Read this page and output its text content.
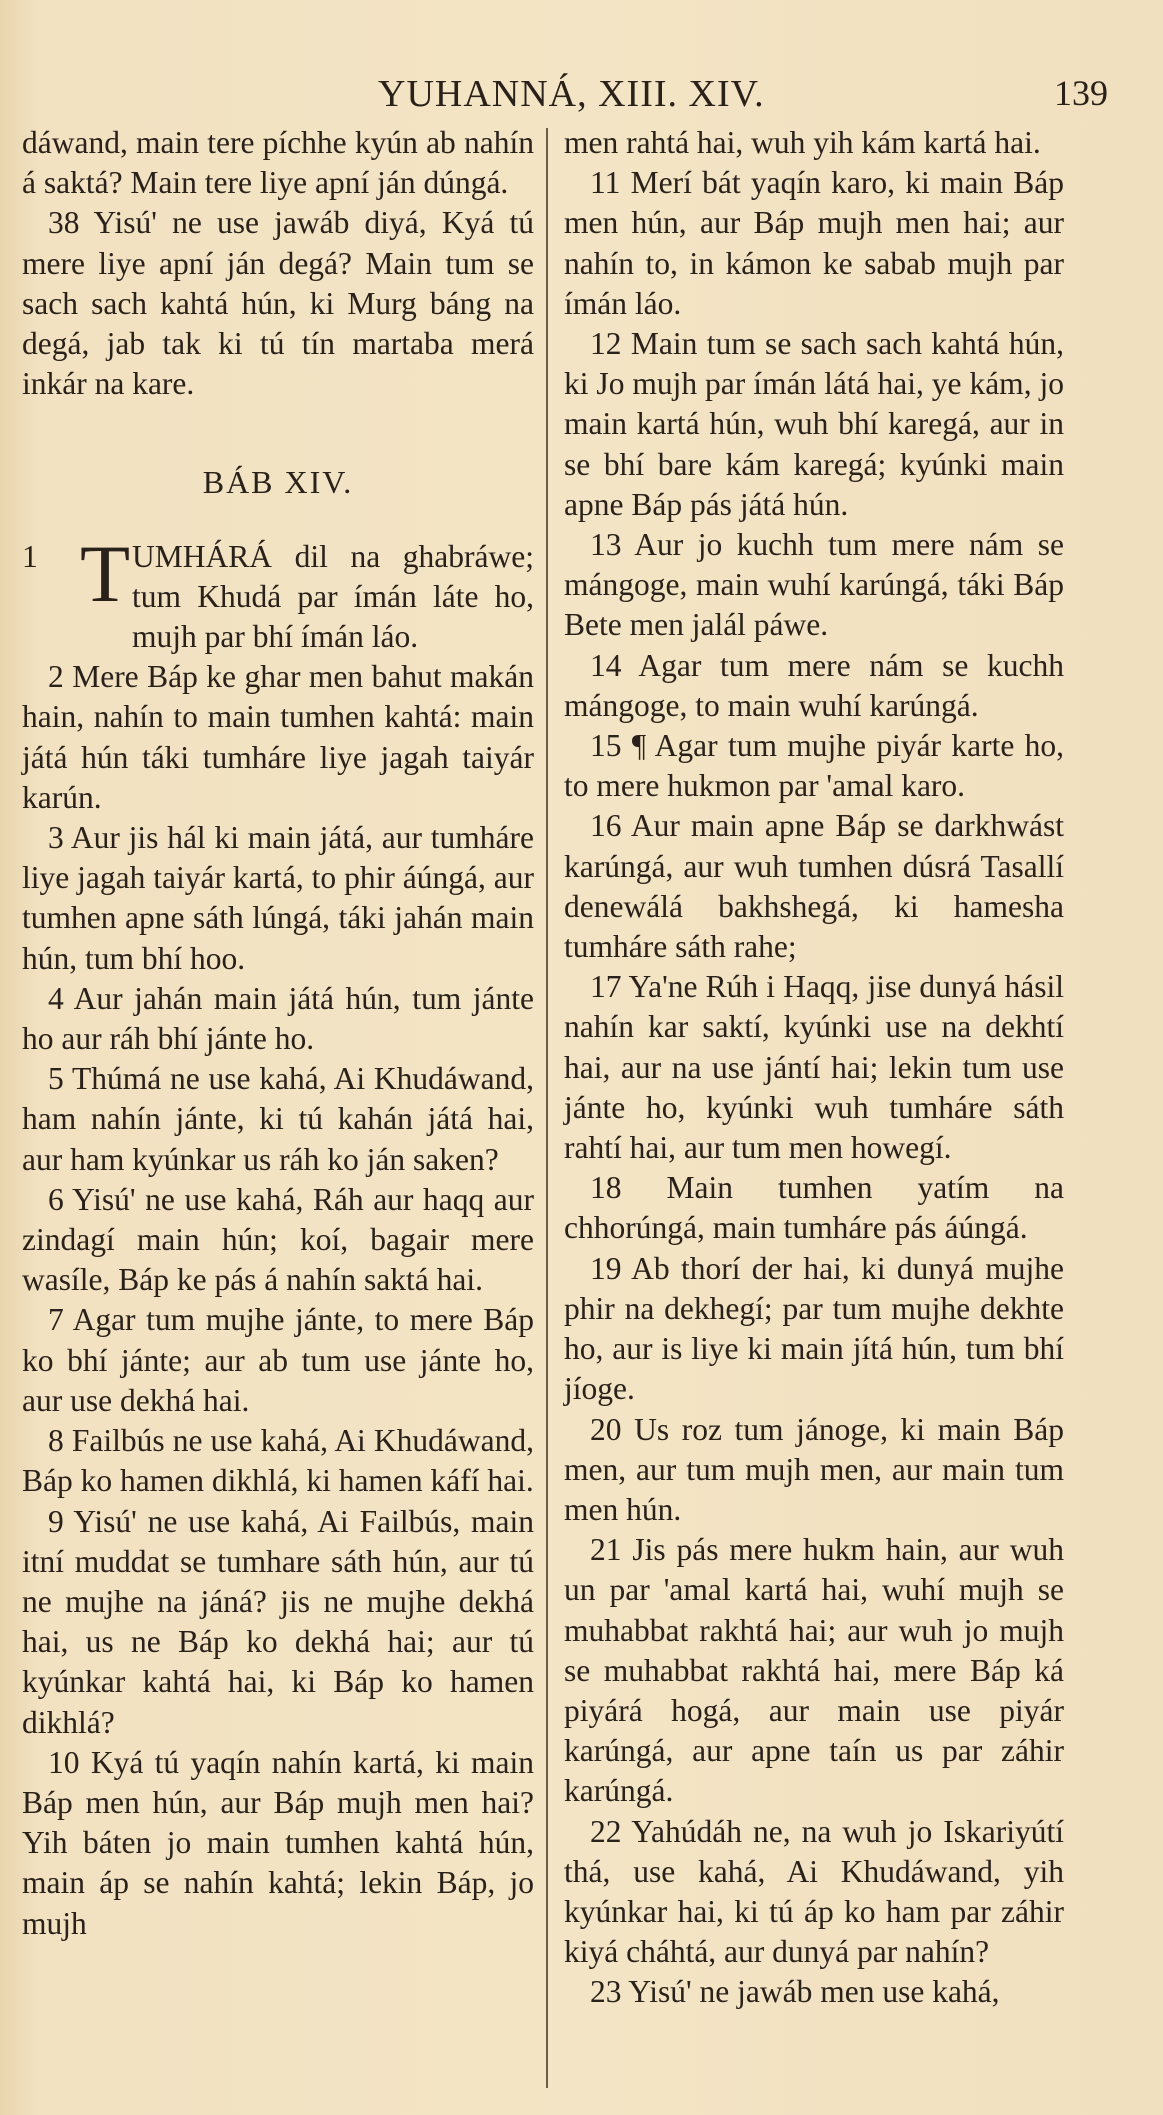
YUHANNÁ, XIII. XIV.	139

dáwand, main tere píchhe kyún ab nahín á saktá? Main tere liye apní ján dúngá.

38 Yisú' ne use jawáb diyá, Kyá tú mere liye apní ján degá? Main tum se sach sach kahtá hún, ki Murg báng na degá, jab tak ki tú tín martaba merá inkár na kare.

BÁB XIV.

1 T UMHÁRÁ dil na ghabráwe; tum Khudá par ímán láte ho, mujh par bhí ímán láo.

2 Mere Báp ke ghar men bahut makán hain, nahín to main tumhen kahtá: main játá hún táki tumháre liye jagah taiyár karún.

3 Aur jis hál ki main játá, aur tumháre liye jagah taiyár kartá, to phir áúngá, aur tumhen apne sáth lúngá, táki jahán main hún, tum bhí hoo.

4 Aur jahán main játá hún, tum jánte ho aur ráh bhí jánte ho.

5 Thúmá ne use kahá, Ai Khudáwand, ham nahín jánte, ki tú kahán játá hai, aur ham kyúnkar us ráh ko ján saken?

6 Yisú' ne use kahá, Ráh aur haqq aur zindagí main hún; koí, bagair mere wasíle, Báp ke pás á nahín saktá hai.

7 Agar tum mujhe jánte, to mere Báp ko bhí jánte; aur ab tum use jánte ho, aur use dekhá hai.

8 Failbús ne use kahá, Ai Khudáwand, Báp ko hamen dikhlá, ki hamen káfí hai.

9 Yisú' ne use kahá, Ai Failbús, main itní muddat se tumhare sáth hún, aur tú ne mujhe na jáná? jis ne mujhe dekhá hai, us ne Báp ko dekhá hai; aur tú kyúnkar kahtá hai, ki Báp ko hamen dikhlá?

10 Kyá tú yaqín nahín kartá, ki main Báp men hún, aur Báp mujh men hai? Yih báten jo main tumhen kahtá hún, main áp se nahín kahtá; lekin Báp, jo mujh

men rahtá hai, wuh yih kám kartá hai.

11 Merí bát yaqín karo, ki main Báp men hún, aur Báp mujh men hai; aur nahín to, in kámon ke sabab mujh par ímán láo.

12 Main tum se sach sach kahtá hún, ki Jo mujh par ímán látá hai, ye kám, jo main kartá hún, wuh bhí karegá, aur in se bhí bare kám karegá; kyúnki main apne Báp pás játá hún.

13 Aur jo kuchh tum mere nám se mángoge, main wuhí karúngá, táki Báp Bete men jalál páwe.

14 Agar tum mere nám se kuchh mángoge, to main wuhí karúngá.

15 ¶ Agar tum mujhe piyár karte ho, to mere hukmon par 'amal karo.

16 Aur main apne Báp se darkhwást karúngá, aur wuh tumhen dúsrá Tasallí denewálá bakhshegá, ki hamesha tumháre sáth rahe;

17 Ya'ne Rúh i Haqq, jise dunyá hásil nahín kar saktí, kyúnki use na dekhtí hai, aur na use jántí hai; lekin tum use jánte ho, kyúnki wuh tumháre sáth rahtí hai, aur tum men howegí.

18 Main tumhen yatím na chhorúngá, main tumháre pás áúngá.

19 Ab thorí der hai, ki dunyá mujhe phir na dekhegí; par tum mujhe dekhte ho, aur is liye ki main jítá hún, tum bhí jíoge.

20 Us roz tum jánoge, ki main Báp men, aur tum mujh men, aur main tum men hún.

21 Jis pás mere hukm hain, aur wuh un par 'amal kartá hai, wuhí mujh se muhabbat rakhtá hai; aur wuh jo mujh se muhabbat rakhtá hai, mere Báp ká piyárá hogá, aur main use piyár karúngá, aur apne taín us par záhir karúngá.

22 Yahúdáh ne, na wuh jo Iskariyútí thá, use kahá, Ai Khudáwand, yih kyúnkar hai, ki tú áp ko ham par záhir kiyá cháhtá, aur dunyá par nahín?

23 Yisú' ne jawáb men use kahá,
